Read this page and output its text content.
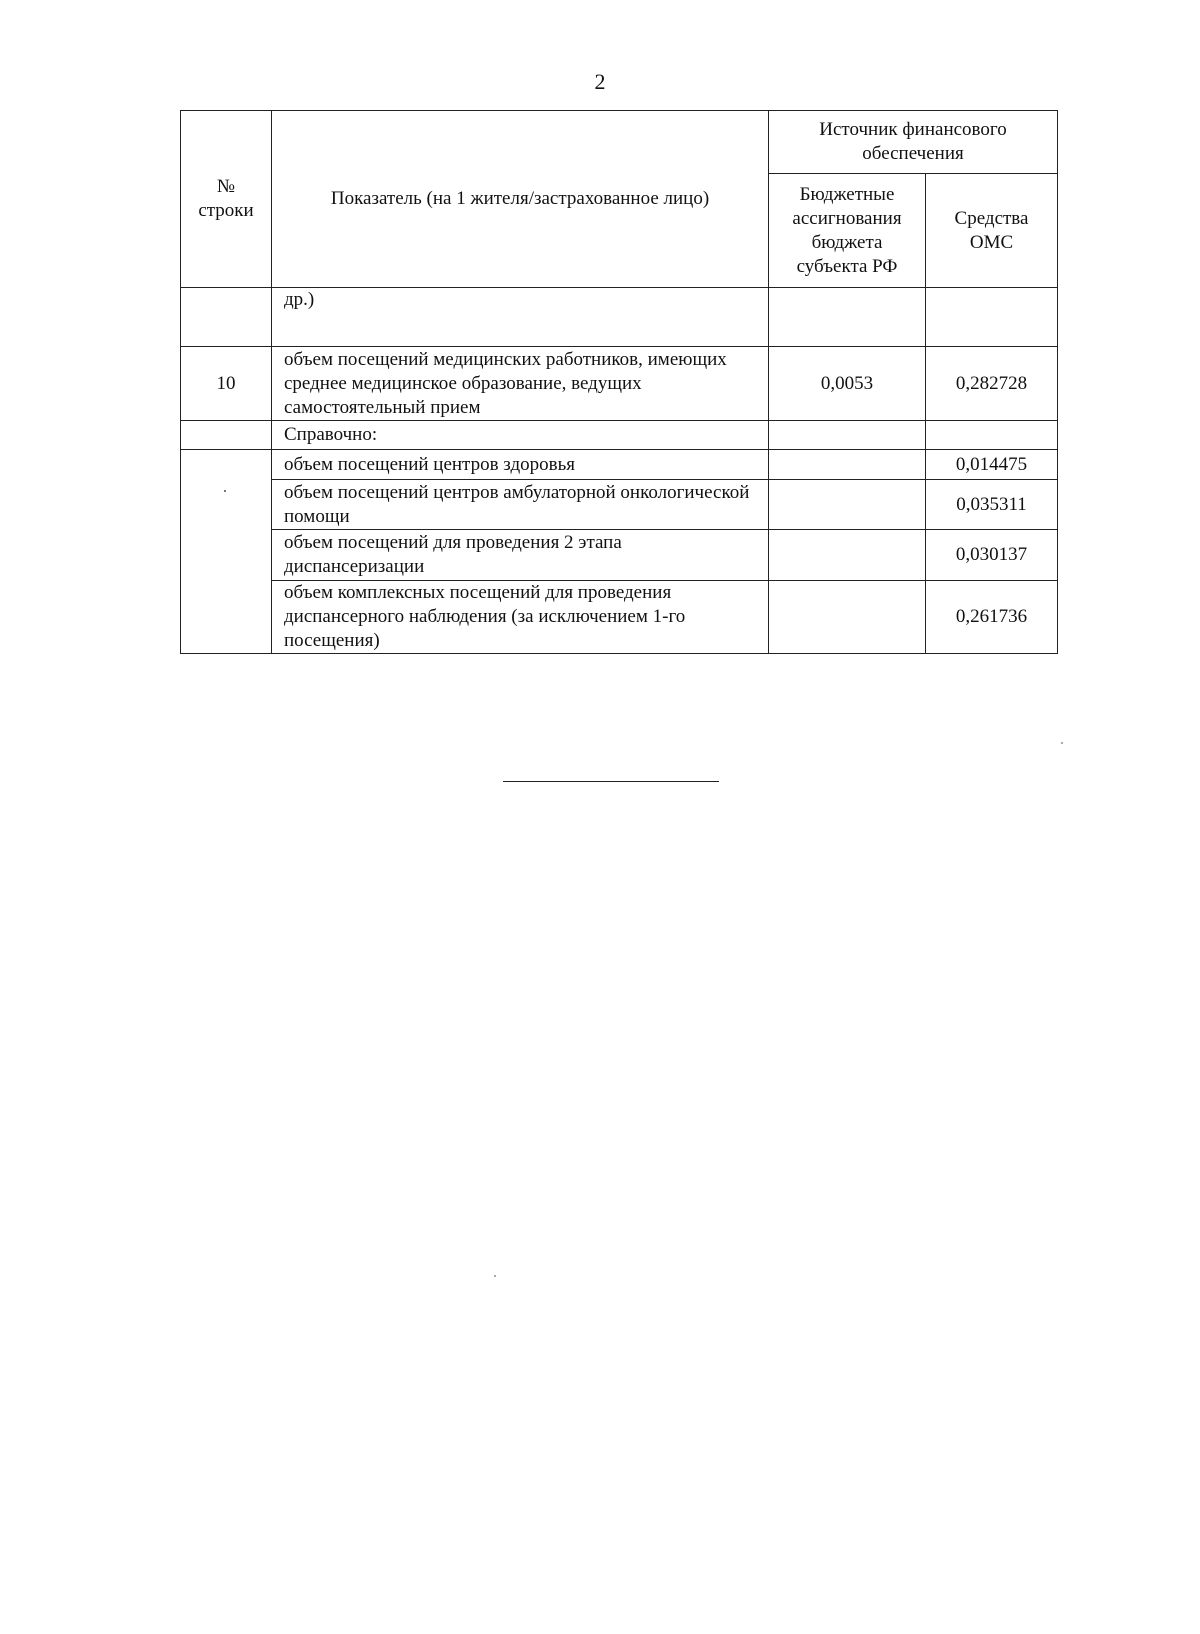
2
№ строки	Показатель (на 1 жителя/застрахованное лицо)	Источник финансового обеспечения	
		Бюджетные ассигнования бюджета субъекта РФ	Средства ОМС
	др.)		
10	объем посещений медицинских работников, имеющих среднее медицинское образование, ведущих самостоятельный прием	0,0053	0,282728
	Справочно:		
	объем посещений центров здоровья		0,014475
	объем посещений центров амбулаторной онкологической помощи		0,035311
	объем посещений для проведения 2 этапа диспансеризации		0,030137
	объем комплексных посещений для проведения диспансерного наблюдения (за исключением 1-го посещения)		0,261736
